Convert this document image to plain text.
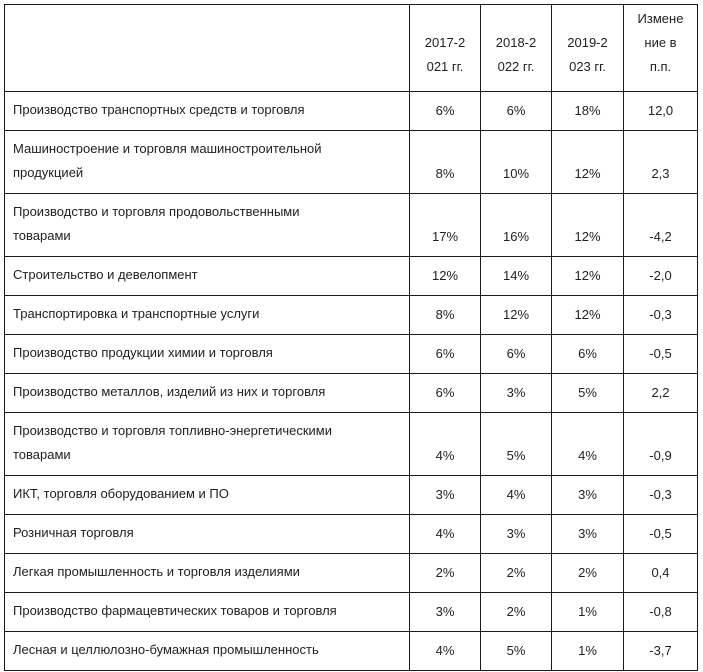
	2017-2
021 гг.	2018-2
022 гг.	2019-2
023 гг.	Измене
ние в
п.п.
Производство транспортных средств и торговля	6%	6%	18%	12,0
Машиностроение и торговля машиностроительной
продукцией	8%	10%	12%	2,3
Производство и торговля продовольственными
товарами	17%	16%	12%	-4,2
Строительство и девелопмент	12%	14%	12%	-2,0
Транспортировка и транспортные услуги	8%	12%	12%	-0,3
Производство продукции химии и торговля	6%	6%	6%	-0,5
Производство металлов, изделий из них и торговля	6%	3%	5%	2,2
Производство и торговля топливно-энергетическими
товарами	4%	5%	4%	-0,9
ИКТ, торговля оборудованием и ПО	3%	4%	3%	-0,3
Розничная торговля	4%	3%	3%	-0,5
Легкая промышленность и торговля изделиями	2%	2%	2%	0,4
Производство фармацевтических товаров и торговля	3%	2%	1%	-0,8
Лесная и целлюлозно-бумажная промышленность	4%	5%	1%	-3,7
